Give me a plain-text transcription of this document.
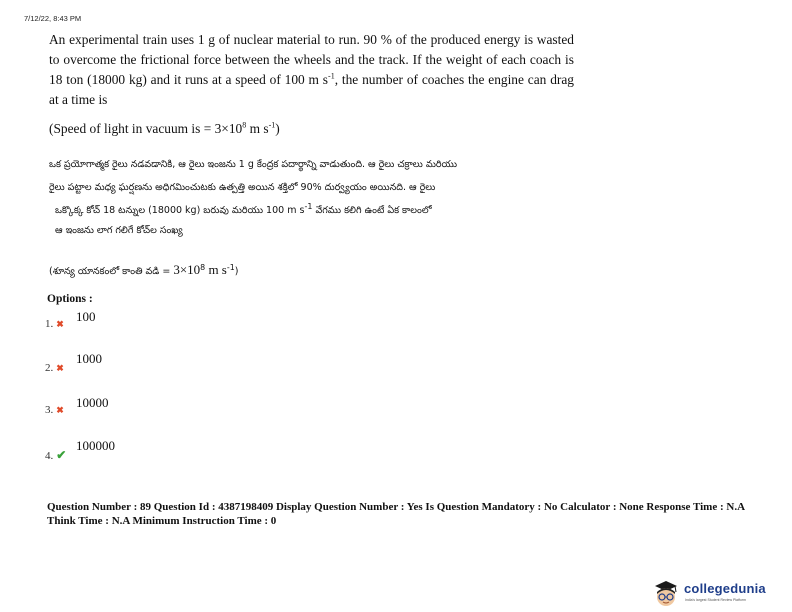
7/12/22, 8:43 PM
An experimental train uses 1 g of nuclear material to run. 90 % of the produced energy is wasted to overcome the frictional force between the wheels and the track. If the weight of each coach is 18 ton (18000 kg) and it runs at a speed of 100 m $s^{-1}$, the number of coaches the engine can drag at a time is
(Speed of light in vacuum is = $3\times 10^8$ m $s^{-1}$)
ఒక ప్రయోగాత్మక రైలు నడవడానికి, ఆ రైలు ఇంజను 1 g కేంద్రక పదార్థాన్ని వాడుతుంది. ఆ రైలు చక్రాలు మరియు
రైలు పట్టాల మధ్య ఘర్షణను అధిగమించుటకు ఉత్పత్తి అయిన శక్తిలో 90% దుర్వ్యయం అయినది. ఆ రైలు
ఒక్కొక్క కోచ్ 18 టన్నుల (18000 kg) బరువు మరియు 100 m $s^{-1}$ వేగము కలిగి ఉంటే ఏక కాలంలో
ఆ ఇంజను లాగ గలిగే కోచ్‌ల సంఖ్య
(శూన్య యానకంలో కాంతి వడి = $3\times 10^8$ m $s^{-1}$)
Options :
1. ✖ 100
2. ✖
1000
3. ✖ 10000
4. ✔
100000
Question Number : 89 Question Id : 4387198409 Display Question Number : Yes Is Question Mandatory : No Calculator : None Response Time : N.A Think Time : N.A Minimum Instruction Time : 0
collegedunia
India's largest Student Review Platform
